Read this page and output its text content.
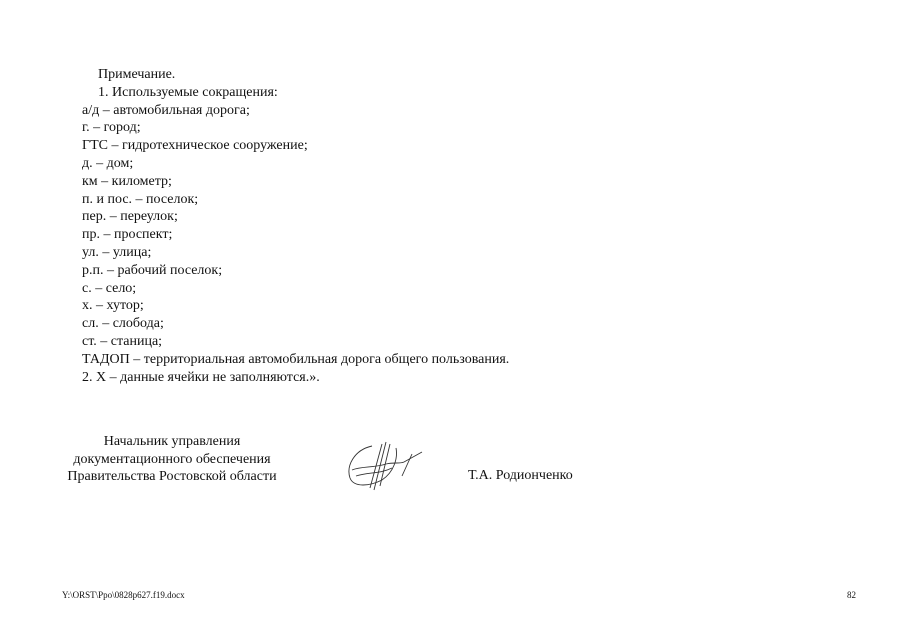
Примечание.
1. Используемые сокращения:
а/д – автомобильная дорога;
г. – город;
ГТС – гидротехническое сооружение;
д. – дом;
км – километр;
п. и пос. – поселок;
пер. – переулок;
пр. – проспект;
ул. – улица;
р.п. – рабочий поселок;
с. – село;
х. – хутор;
сл. – слобода;
ст. – станица;
ТАДОП – территориальная автомобильная дорога общего пользования.
2. Х – данные ячейки не заполняются.».
Начальник управления
документационного обеспечения
Правительства Ростовской области	Т.А. Родионченко
Y:\ORST\Ppo\0828p627.f19.docx	82
